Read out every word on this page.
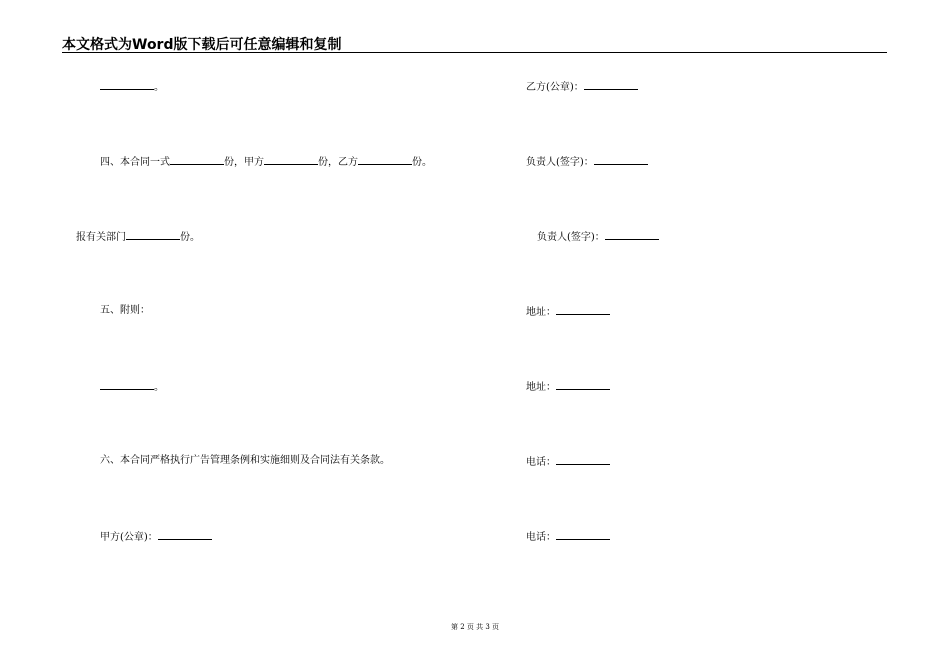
本文格式为Word版下载后可任意编辑和复制
。
四、本合同一式	份，甲方	份，乙方	份。
报有关部门	份。
五、附则：
。
六、本合同严格执行广告管理条例和实施细则及合同法有关条款。
甲方(公章)：
乙方(公章)：
负责人(签字)：
负责人(签字)：
地址：
地址：
电话：
电话：
第 2 页 共 3 页
